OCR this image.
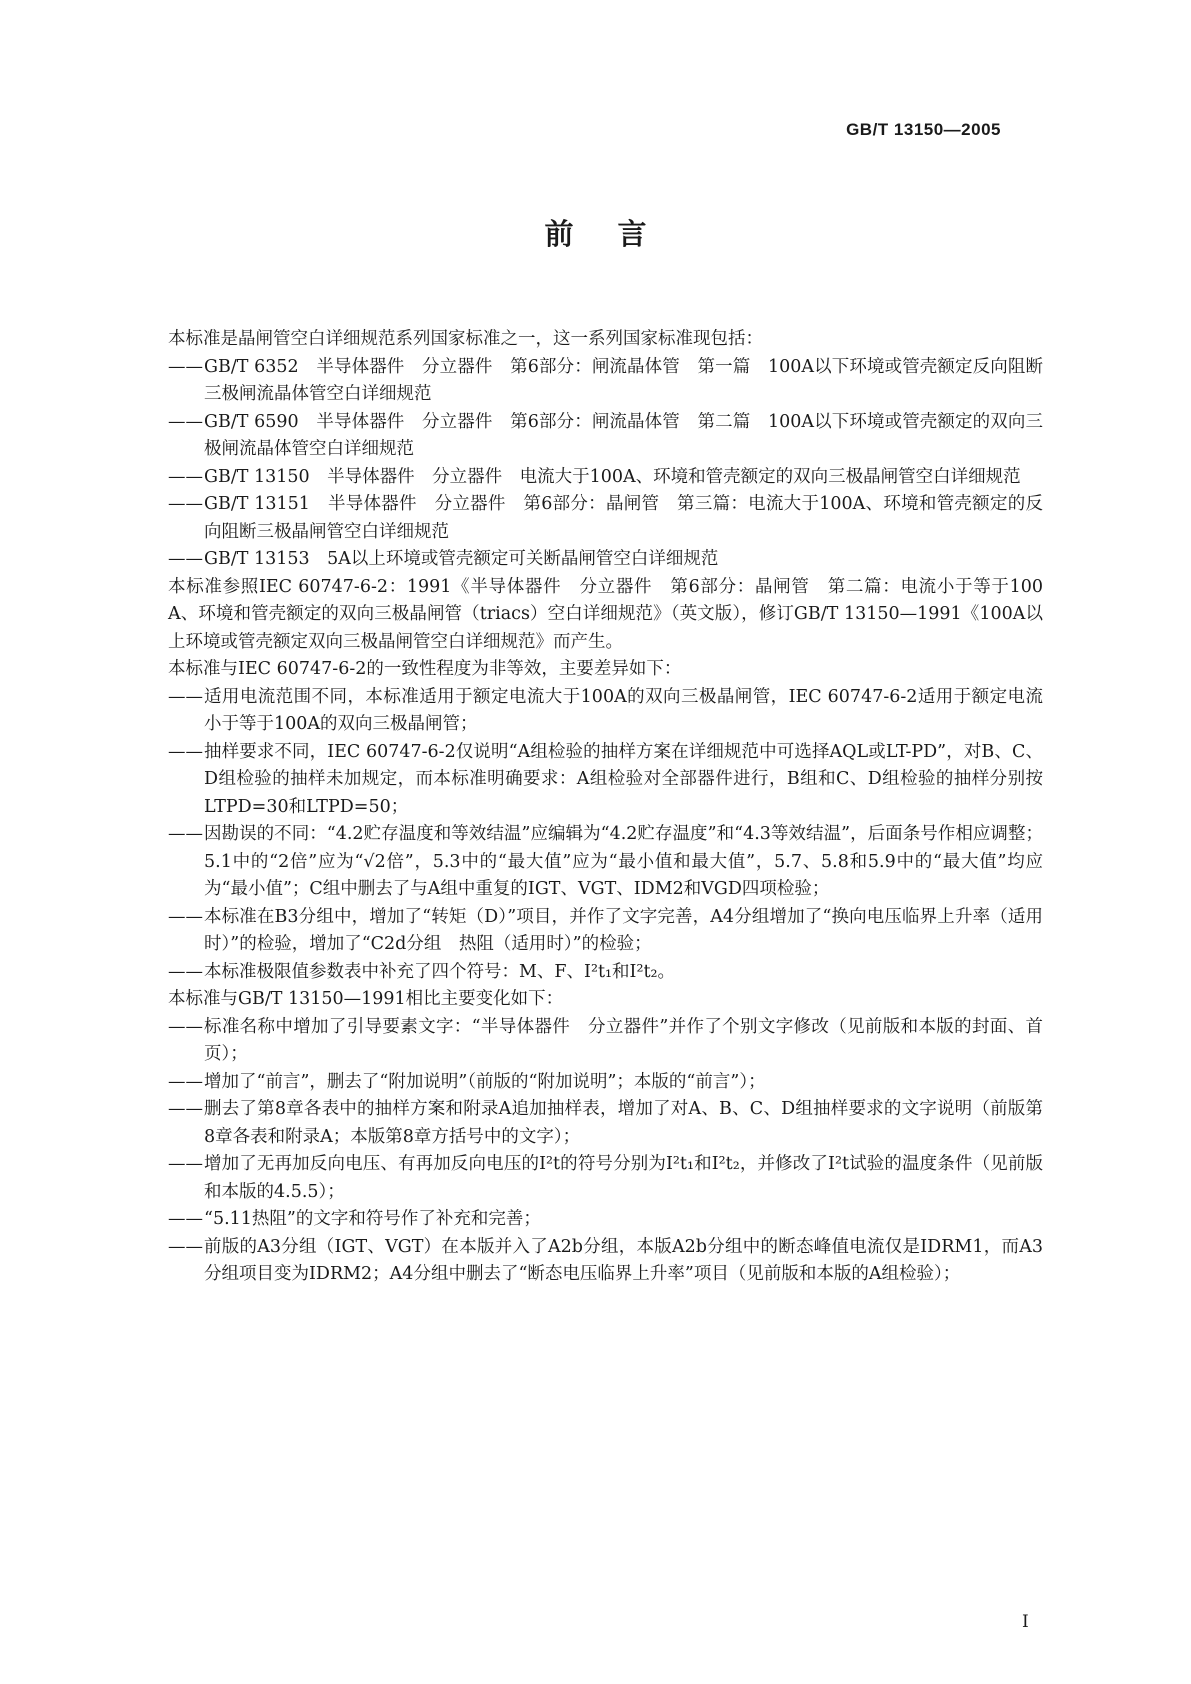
GB/T 13150—2005
前 言

本标准是晶闸管空白详细规范系列国家标准之一，这一系列国家标准现包括：

—— GB/T 6352　半导体器件　分立器件　第6部分：闸流晶体管　第一篇　100A以下环境或管壳额定反向阻断三极闸流晶体管空白详细规范
—— GB/T 6590　半导体器件　分立器件　第6部分：闸流晶体管　第二篇　100A以下环境或管壳额定的双向三极闸流晶体管空白详细规范
—— GB/T 13150　半导体器件　分立器件　电流大于100A、环境和管壳额定的双向三极晶闸管空白详细规范
—— GB/T 13151　半导体器件　分立器件　第6部分：晶闸管　第三篇：电流大于100A、环境和管壳额定的反向阻断三极晶闸管空白详细规范
—— GB/T 13153　5A以上环境或管壳额定可关断晶闸管空白详细规范

本标准参照IEC 60747-6-2：1991《半导体器件　分立器件　第6部分：晶闸管　第二篇：电流小于等于100 A、环境和管壳额定的双向三极晶闸管（triacs）空白详细规范》（英文版），修订GB/T 13150—1991《100A以上环境或管壳额定双向三极晶闸管空白详细规范》而产生。

本标准与IEC 60747-6-2的一致性程度为非等效，主要差异如下：

—— 适用电流范围不同，本标准适用于额定电流大于100A的双向三极晶闸管，IEC 60747-6-2适用于额定电流小于等于100A的双向三极晶闸管；
—— 抽样要求不同，IEC 60747-6-2仅说明“A组检验的抽样方案在详细规范中可选择AQL或LT-PD”，对B、C、D组检验的抽样未加规定，而本标准明确要求：A组检验对全部器件进行，B组和C、D组检验的抽样分别按LTPD=30和LTPD=50；
—— 因勘误的不同：“4.2贮存温度和等效结温”应编辑为“4.2贮存温度”和“4.3等效结温”，后面条号作相应调整；5.1中的“2倍”应为“√2倍”，5.3中的“最大值”应为“最小值和最大值”，5.7、5.8和5.9中的“最大值”均应为“最小值”；C组中删去了与A组中重复的IGT、VGT、IDM2和VGD四项检验；
—— 本标准在B3分组中，增加了“转矩（D）”项目，并作了文字完善，A4分组增加了“换向电压临界上升率（适用时）”的检验，增加了“C2d分组　热阻（适用时）”的检验；
—— 本标准极限值参数表中补充了四个符号：M、F、I²t₁和I²t₂。

本标准与GB/T 13150—1991相比主要变化如下：

—— 标准名称中增加了引导要素文字：“半导体器件　分立器件”并作了个别文字修改（见前版和本版的封面、首页）；
—— 增加了“前言”，删去了“附加说明”（前版的“附加说明”；本版的“前言”）；
—— 删去了第8章各表中的抽样方案和附录A追加抽样表，增加了对A、B、C、D组抽样要求的文字说明（前版第8章各表和附录A；本版第8章方括号中的文字）；
—— 增加了无再加反向电压、有再加反向电压的I²t的符号分别为I²t₁和I²t₂，并修改了I²t试验的温度条件（见前版和本版的4.5.5）；
—— “5.11热阻”的文字和符号作了补充和完善；
—— 前版的A3分组（IGT、VGT）在本版并入了A2b分组，本版A2b分组中的断态峰值电流仅是IDRM1，而A3分组项目变为IDRM2；A4分组中删去了“断态电压临界上升率”项目（见前版和本版的A组检验）；
I
